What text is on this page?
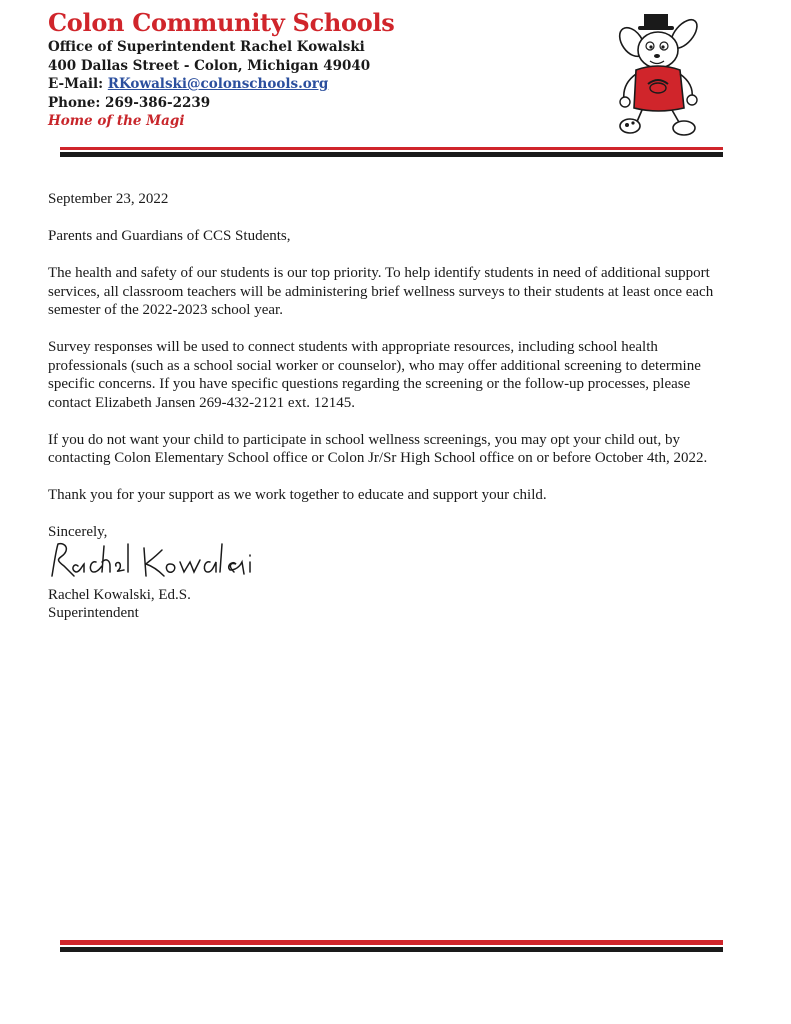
Colon Community Schools
Office of Superintendent Rachel Kowalski
400 Dallas Street - Colon, Michigan 49040
E-Mail: RKowalski@colonschools.org
Phone: 269-386-2239
Home of the Magi

September 23, 2022

Parents and Guardians of CCS Students,

The health and safety of our students is our top priority. To help identify students in need of additional support services, all classroom teachers will be administering brief wellness surveys to their students at least once each semester of the 2022-2023 school year.

Survey responses will be used to connect students with appropriate resources, including school health professionals (such as a school social worker or counselor), who may offer additional screening to determine specific concerns. If you have specific questions regarding the screening or the follow-up processes, please contact Elizabeth Jansen 269-432-2121 ext. 12145.

If you do not want your child to participate in school wellness screenings, you may opt your child out, by contacting Colon Elementary School office or Colon Jr/Sr High School office on or before October 4th, 2022.

Thank you for your support as we work together to educate and support your child.

Sincerely,
Rachel Kowalski, Ed.S.
Superintendent
